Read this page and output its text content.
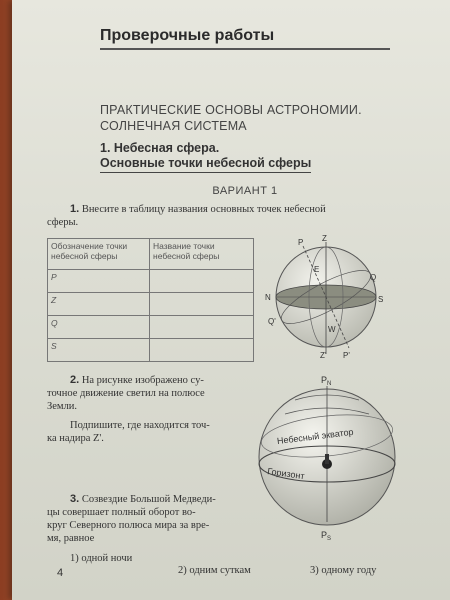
Проверочные работы
ПРАКТИЧЕСКИЕ ОСНОВЫ АСТРОНОМИИ.
СОЛНЕЧНАЯ СИСТЕМА
1. Небесная сфера.
Основные точки небесной сферы
ВАРИАНТ 1
1. Внесите в таблицу названия основных точек небесной
сферы.
Обозначение точки небесной сферы	Название точки небесной сферы
P	
Z	
Q	
S	
P Z
E
Q
N	S
Q'
W
Z' P'
2. На рисунке изображено су-
точное движение светил на полюсе
Земли.
Подпишите, где находится точ-
ка надира Z'.
$P_N$
$P_S$
Небесный экватор
Горизонт
3. Созвездие Большой Медведи-
цы совершает полный оборот во-
круг Северного полюса мира за вре-
мя, равное
1) одной ночи
2) одним суткам	3) одному году
4
